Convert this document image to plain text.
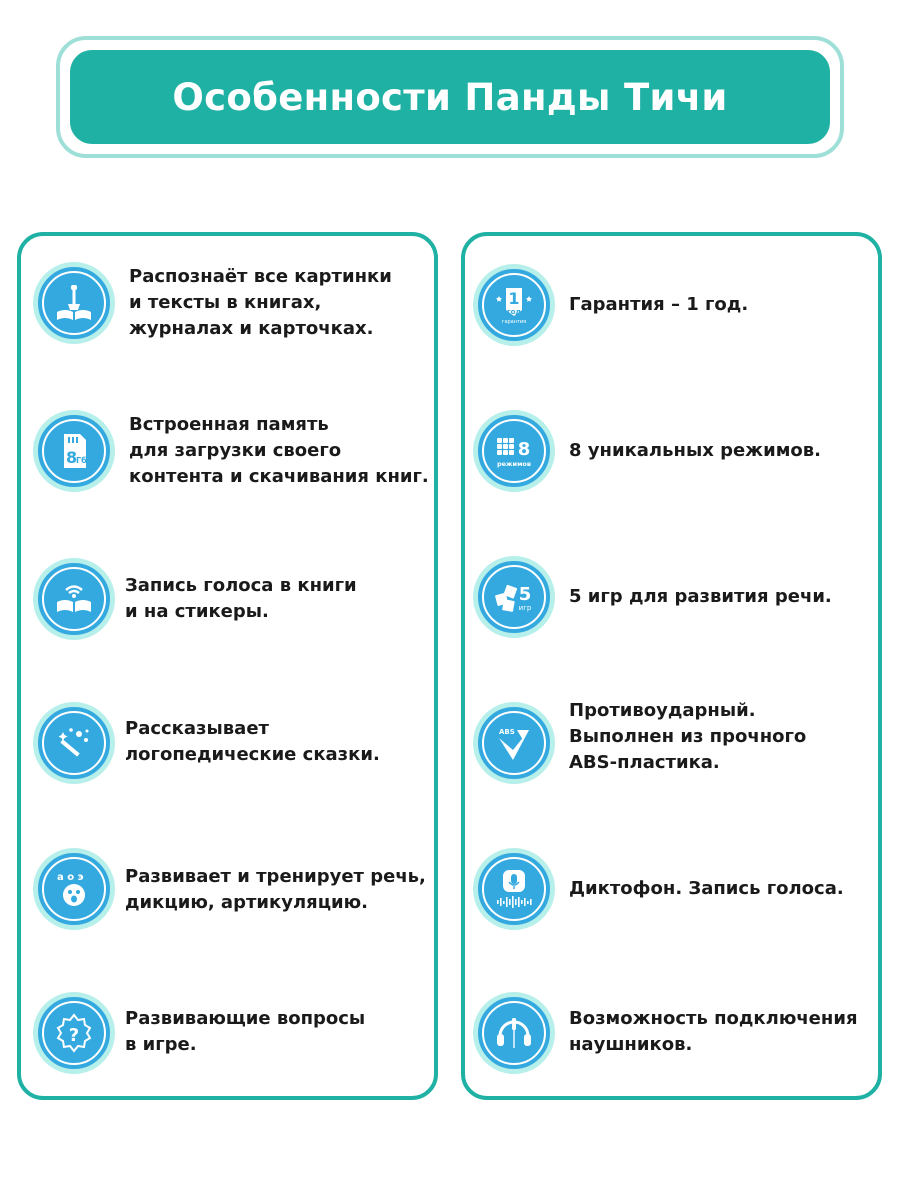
Особенности Панды Тичи
Распознаёт все картинки
и тексты в книгах,
журналах и карточках.
8
Гб
Встроенная память
для загрузки своего
контента и скачивания книг.
Запись голоса в книги
и на стикеры.
Рассказывает
логопедические сказки.
а о э Развивает и тренирует речь,
дикцию, артикуляцию.
?
Развивающие вопросы
в игре.
1
год
гарантия
Гарантия – 1 год.
8
режимов
8 уникальных режимов.
5
игр
5 игр для развития речи.
ABS
Противоударный.
Выполнен из прочного
ABS-пластика.
Диктофон. Запись голоса.
Возможность подключения
наушников.
